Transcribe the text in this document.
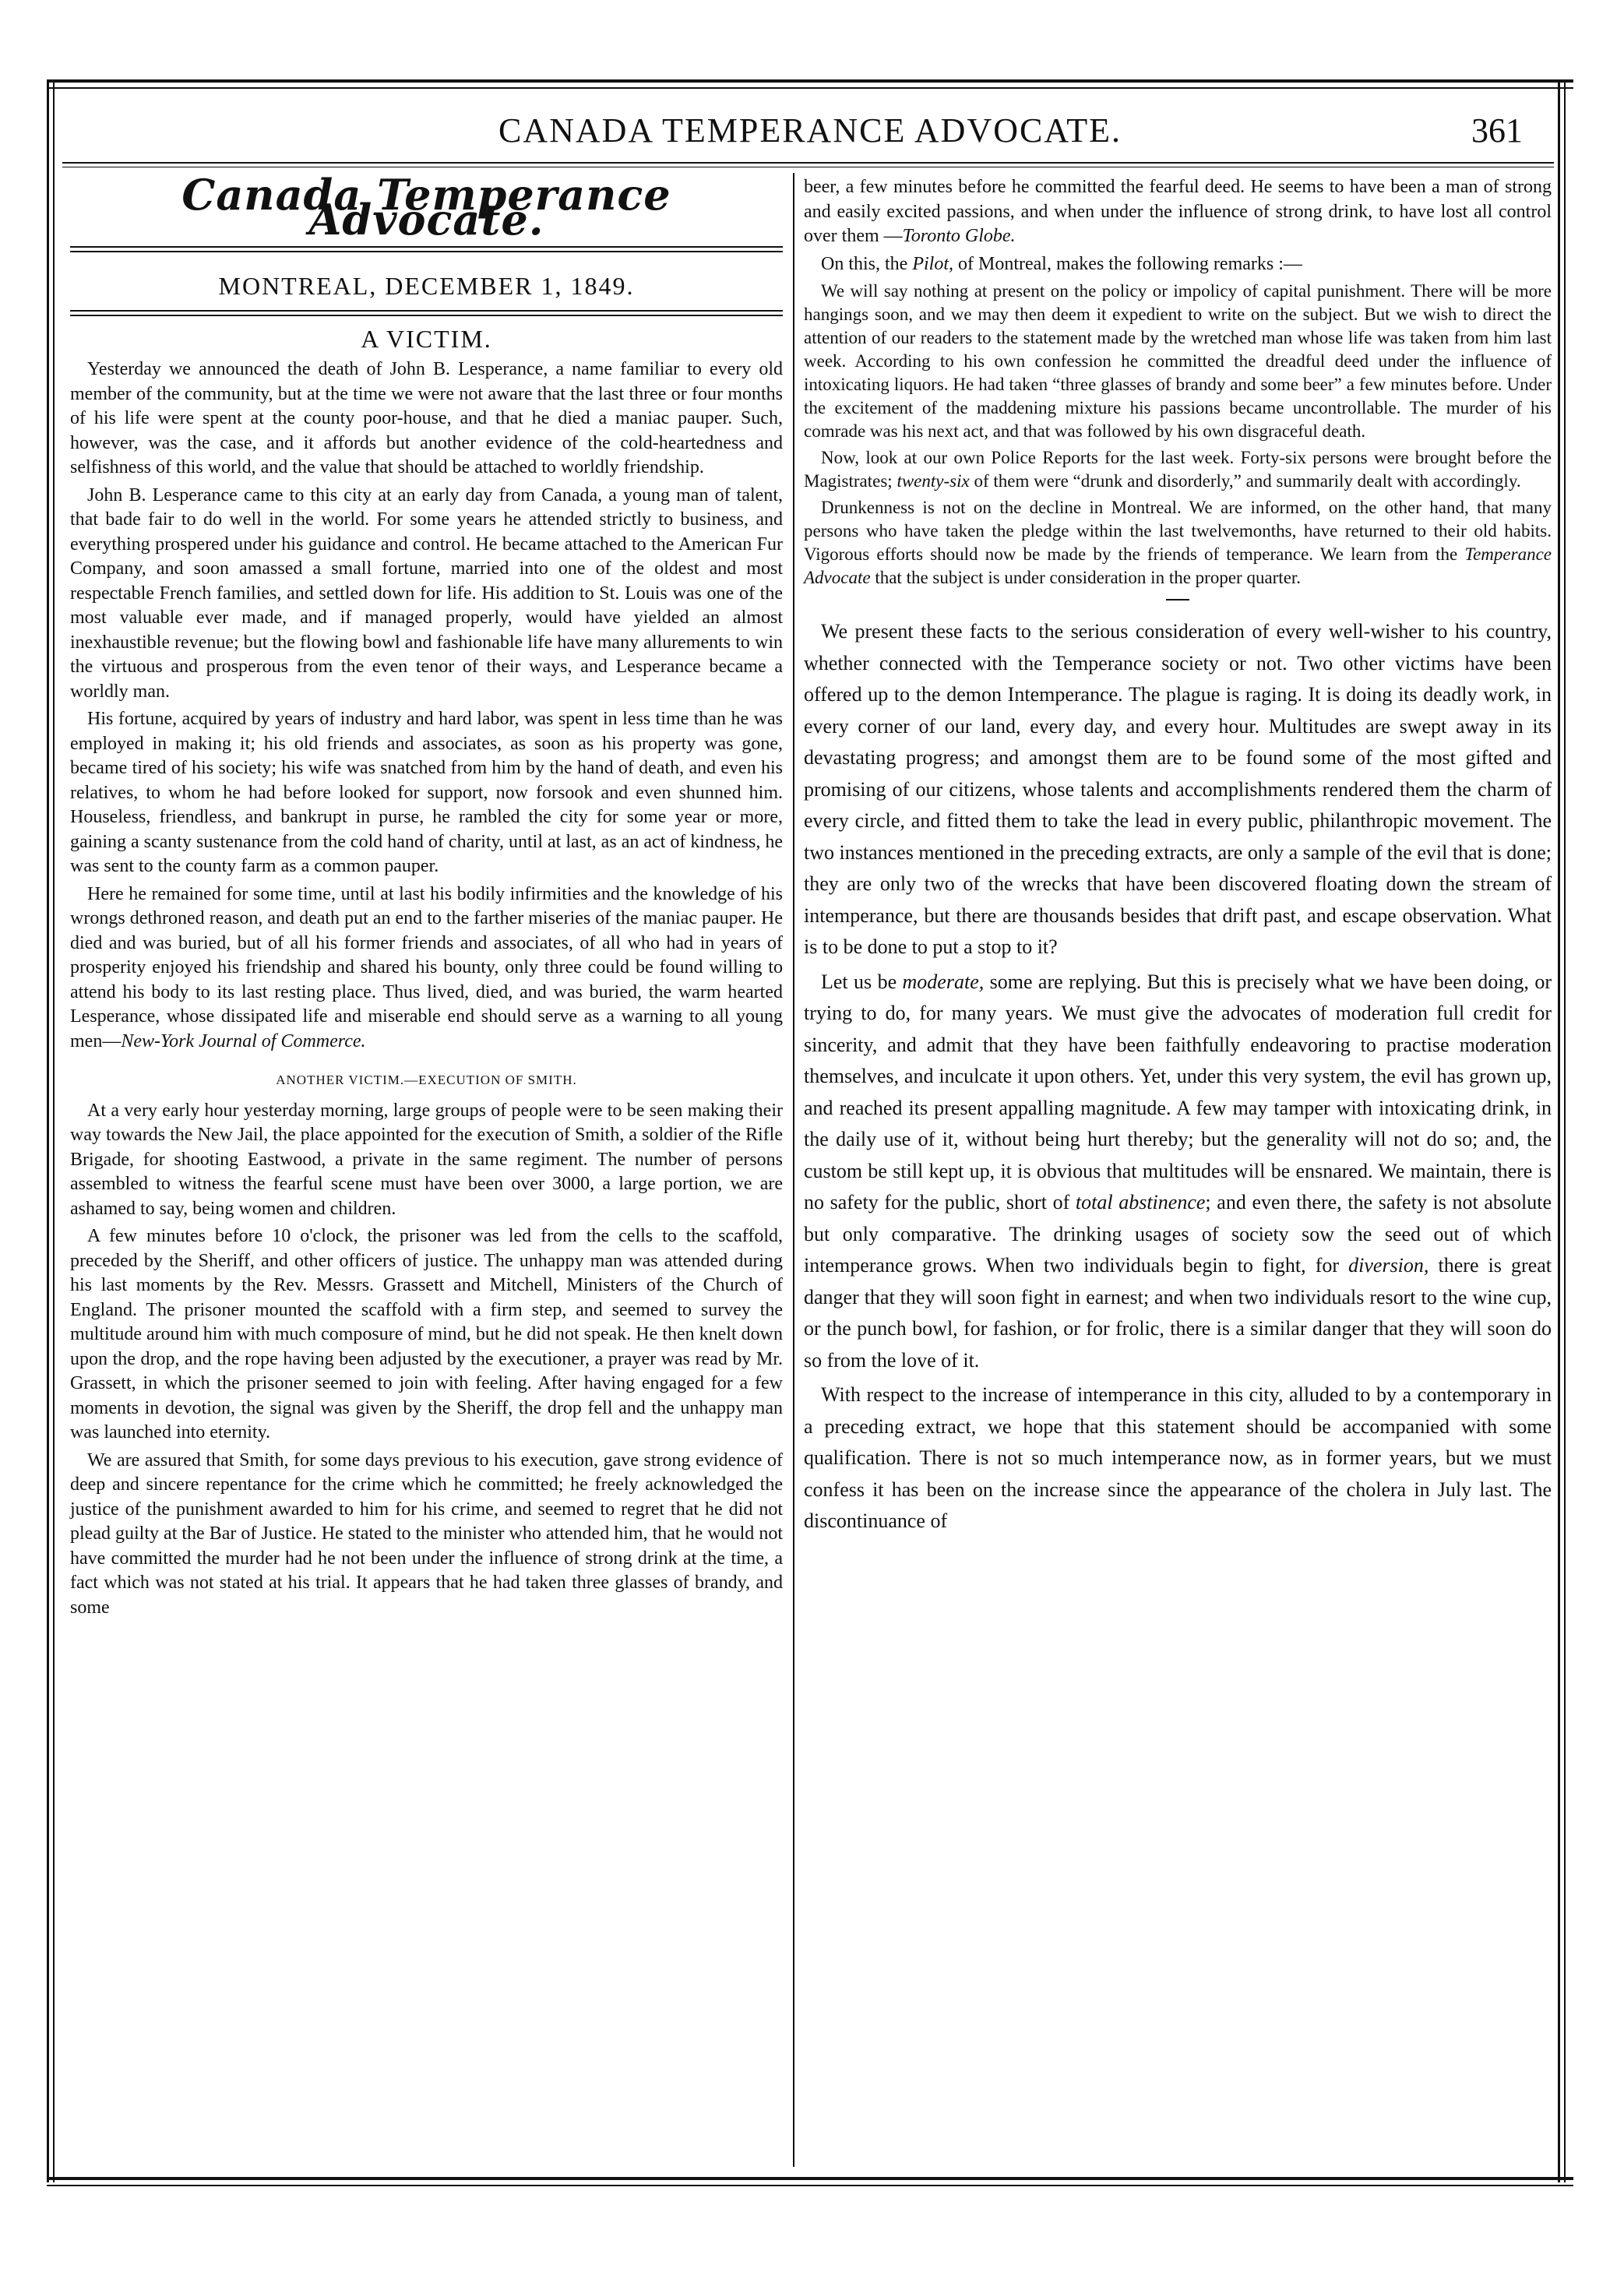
CANADA TEMPERANCE ADVOCATE.	361
Canada Temperance Advocate.
MONTREAL, DECEMBER 1, 1849.
A VICTIM.

Yesterday we announced the death of John B. Lesperance, a name familiar to every old member of the community, but at the time we were not aware that the last three or four months of his life were spent at the county poor-house, and that he died a maniac pauper. Such, however, was the case, and it affords but another evidence of the cold-heartedness and selfishness of this world, and the value that should be attached to worldly friendship.

John B. Lesperance came to this city at an early day from Canada, a young man of talent, that bade fair to do well in the world. For some years he attended strictly to business, and everything prospered under his guidance and control. He became attached to the American Fur Company, and soon amassed a small fortune, married into one of the oldest and most respectable French families, and settled down for life. His addition to St. Louis was one of the most valuable ever made, and if managed properly, would have yielded an almost inexhaustible revenue; but the flowing bowl and fashionable life have many allurements to win the virtuous and prosperous from the even tenor of their ways, and Lesperance became a worldly man.

His fortune, acquired by years of industry and hard labor, was spent in less time than he was employed in making it; his old friends and associates, as soon as his property was gone, became tired of his society; his wife was snatched from him by the hand of death, and even his relatives, to whom he had before looked for support, now forsook and even shunned him. Houseless, friendless, and bankrupt in purse, he rambled the city for some year or more, gaining a scanty sustenance from the cold hand of charity, until at last, as an act of kindness, he was sent to the county farm as a common pauper.

Here he remained for some time, until at last his bodily infirmities and the knowledge of his wrongs dethroned reason, and death put an end to the farther miseries of the maniac pauper. He died and was buried, but of all his former friends and associates, of all who had in years of prosperity enjoyed his friendship and shared his bounty, only three could be found willing to attend his body to its last resting place. Thus lived, died, and was buried, the warm hearted Lesperance, whose dissipated life and miserable end should serve as a warning to all young men—New-York Journal of Commerce.

ANOTHER VICTIM.—EXECUTION OF SMITH.

At a very early hour yesterday morning, large groups of people were to be seen making their way towards the New Jail, the place appointed for the execution of Smith, a soldier of the Rifle Brigade, for shooting Eastwood, a private in the same regiment. The number of persons assembled to witness the fearful scene must have been over 3000, a large portion, we are ashamed to say, being women and children.

A few minutes before 10 o'clock, the prisoner was led from the cells to the scaffold, preceded by the Sheriff, and other officers of justice. The unhappy man was attended during his last moments by the Rev. Messrs. Grassett and Mitchell, Ministers of the Church of England. The prisoner mounted the scaffold with a firm step, and seemed to survey the multitude around him with much composure of mind, but he did not speak. He then knelt down upon the drop, and the rope having been adjusted by the executioner, a prayer was read by Mr. Grassett, in which the prisoner seemed to join with feeling. After having engaged for a few moments in devotion, the signal was given by the Sheriff, the drop fell and the unhappy man was launched into eternity.

We are assured that Smith, for some days previous to his execution, gave strong evidence of deep and sincere repentance for the crime which he committed; he freely acknowledged the justice of the punishment awarded to him for his crime, and seemed to regret that he did not plead guilty at the Bar of Justice. He stated to the minister who attended him, that he would not have committed the murder had he not been under the influence of strong drink at the time, a fact which was not stated at his trial. It appears that he had taken three glasses of brandy, and some

beer, a few minutes before he committed the fearful deed. He seems to have been a man of strong and easily excited passions, and when under the influence of strong drink, to have lost all control over them —Toronto Globe.

On this, the Pilot, of Montreal, makes the following remarks :—

We will say nothing at present on the policy or impolicy of capital punishment. There will be more hangings soon, and we may then deem it expedient to write on the subject. But we wish to direct the attention of our readers to the statement made by the wretched man whose life was taken from him last week. According to his own confession he committed the dreadful deed under the influence of intoxicating liquors. He had taken “three glasses of brandy and some beer” a few minutes before. Under the excitement of the maddening mixture his passions became uncontrollable. The murder of his comrade was his next act, and that was followed by his own disgraceful death.

Now, look at our own Police Reports for the last week. Forty-six persons were brought before the Magistrates; twenty-six of them were “drunk and disorderly,” and summarily dealt with accordingly.

Drunkenness is not on the decline in Montreal. We are informed, on the other hand, that many persons who have taken the pledge within the last twelvemonths, have returned to their old habits. Vigorous efforts should now be made by the friends of temperance. We learn from the Temperance Advocate that the subject is under consideration in the proper quarter.

We present these facts to the serious consideration of every well-wisher to his country, whether connected with the Temperance society or not. Two other victims have been offered up to the demon Intemperance. The plague is raging. It is doing its deadly work, in every corner of our land, every day, and every hour. Multitudes are swept away in its devastating progress; and amongst them are to be found some of the most gifted and promising of our citizens, whose talents and accomplishments rendered them the charm of every circle, and fitted them to take the lead in every public, philanthropic movement. The two instances mentioned in the preceding extracts, are only a sample of the evil that is done; they are only two of the wrecks that have been discovered floating down the stream of intemperance, but there are thousands besides that drift past, and escape observation. What is to be done to put a stop to it?

Let us be moderate, some are replying. But this is precisely what we have been doing, or trying to do, for many years. We must give the advocates of moderation full credit for sincerity, and admit that they have been faithfully endeavoring to practise moderation themselves, and inculcate it upon others. Yet, under this very system, the evil has grown up, and reached its present appalling magnitude. A few may tamper with intoxicating drink, in the daily use of it, without being hurt thereby; but the generality will not do so; and, the custom be still kept up, it is obvious that multitudes will be ensnared. We maintain, there is no safety for the public, short of total abstinence; and even there, the safety is not absolute but only comparative. The drinking usages of society sow the seed out of which intemperance grows. When two individuals begin to fight, for diversion, there is great danger that they will soon fight in earnest; and when two individuals resort to the wine cup, or the punch bowl, for fashion, or for frolic, there is a similar danger that they will soon do so from the love of it.

With respect to the increase of intemperance in this city, alluded to by a contemporary in a preceding extract, we hope that this statement should be accompanied with some qualification. There is not so much intemperance now, as in former years, but we must confess it has been on the increase since the appearance of the cholera in July last. The discontinuance of
